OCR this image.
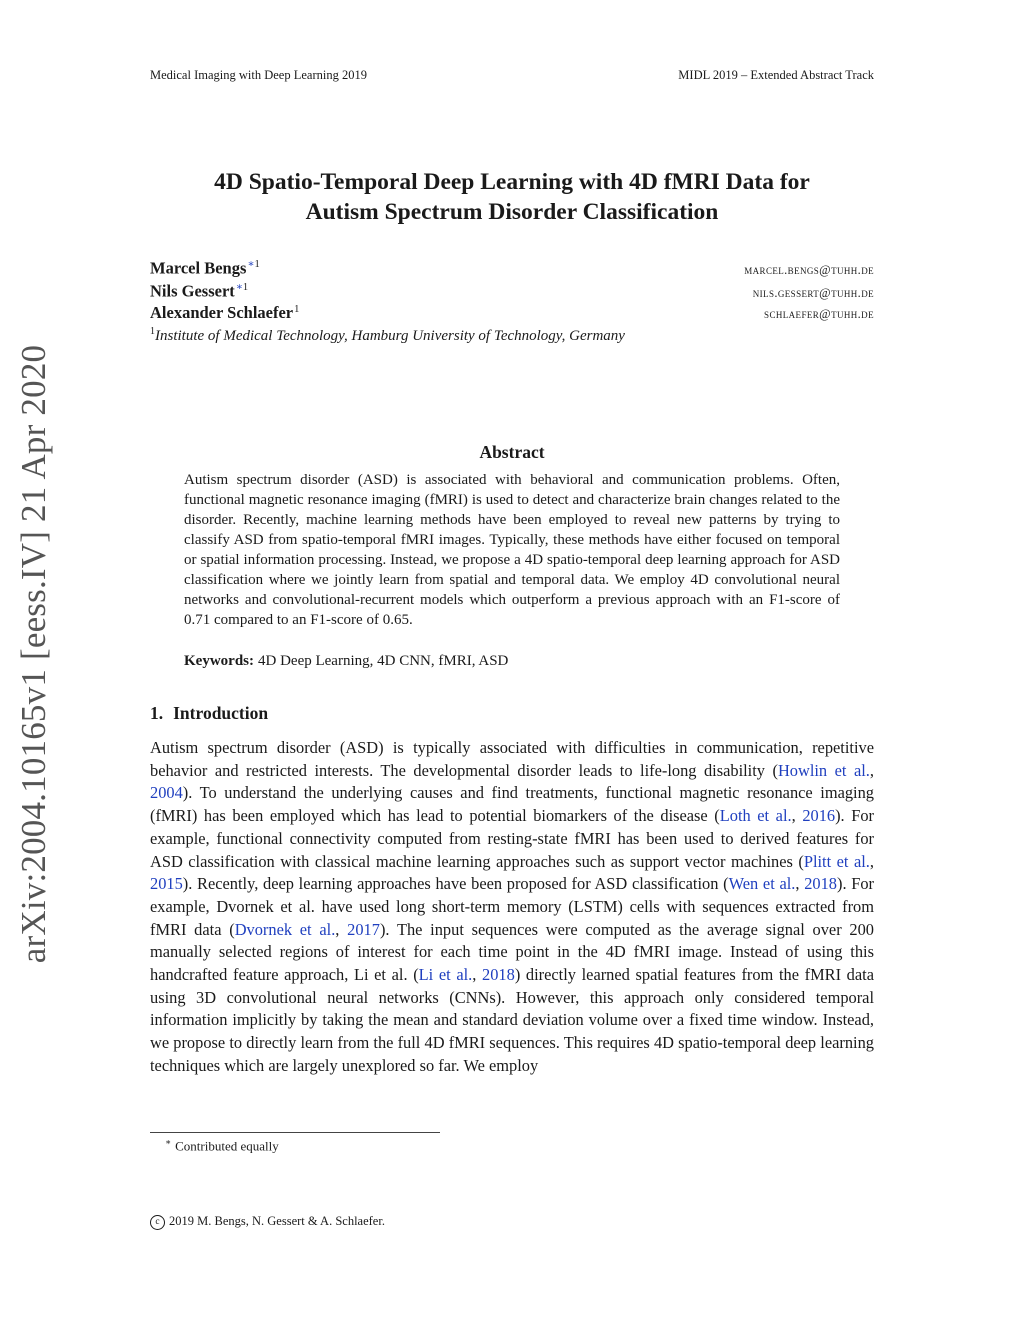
Medical Imaging with Deep Learning 2019	MIDL 2019 – Extended Abstract Track
arXiv:2004.10165v1 [eess.IV] 21 Apr 2020
4D Spatio-Temporal Deep Learning with 4D fMRI Data for
Autism Spectrum Disorder Classification
Marcel Bengs$^{∗1}$	marcel.bengs@tuhh.de
Nils Gessert$^{∗1}$	nils.gessert@tuhh.de
Alexander Schlaefer$^1$	schlaefer@tuhh.de
$^1$Institute of Medical Technology, Hamburg University of Technology, Germany
Abstract

Autism spectrum disorder (ASD) is associated with behavioral and communication problems. Often, functional magnetic resonance imaging (fMRI) is used to detect and characterize brain changes related to the disorder. Recently, machine learning methods have been employed to reveal new patterns by trying to classify ASD from spatio-temporal fMRI images. Typically, these methods have either focused on temporal or spatial information processing. Instead, we propose a 4D spatio-temporal deep learning approach for ASD classification where we jointly learn from spatial and temporal data. We employ 4D convolutional neural networks and convolutional-recurrent models which outperform a previous approach with an F1-score of 0.71 compared to an F1-score of 0.65.

Keywords: 4D Deep Learning, 4D CNN, fMRI, ASD
1. Introduction

Autism spectrum disorder (ASD) is typically associated with difficulties in communication, repetitive behavior and restricted interests. The developmental disorder leads to life-long disability (Howlin et al., 2004). To understand the underlying causes and find treatments, functional magnetic resonance imaging (fMRI) has been employed which has lead to potential biomarkers of the disease (Loth et al., 2016). For example, functional connectivity computed from resting-state fMRI has been used to derived features for ASD classification with classical machine learning approaches such as support vector machines (Plitt et al., 2015). Recently, deep learning approaches have been proposed for ASD classification (Wen et al., 2018). For example, Dvornek et al. have used long short-term memory (LSTM) cells with sequences extracted from fMRI data (Dvornek et al., 2017). The input sequences were computed as the average signal over 200 manually selected regions of interest for each time point in the 4D fMRI image. Instead of using this handcrafted feature approach, Li et al. (Li et al., 2018) directly learned spatial features from the fMRI data using 3D convolutional neural networks (CNNs). However, this approach only considered temporal information implicitly by taking the mean and standard deviation volume over a fixed time window. Instead, we propose to directly learn from the full 4D fMRI sequences. This requires 4D spatio-temporal deep learning techniques which are largely unexplored so far. We employ

∗ Contributed equally
c 2019 M. Bengs, N. Gessert & A. Schlaefer.
